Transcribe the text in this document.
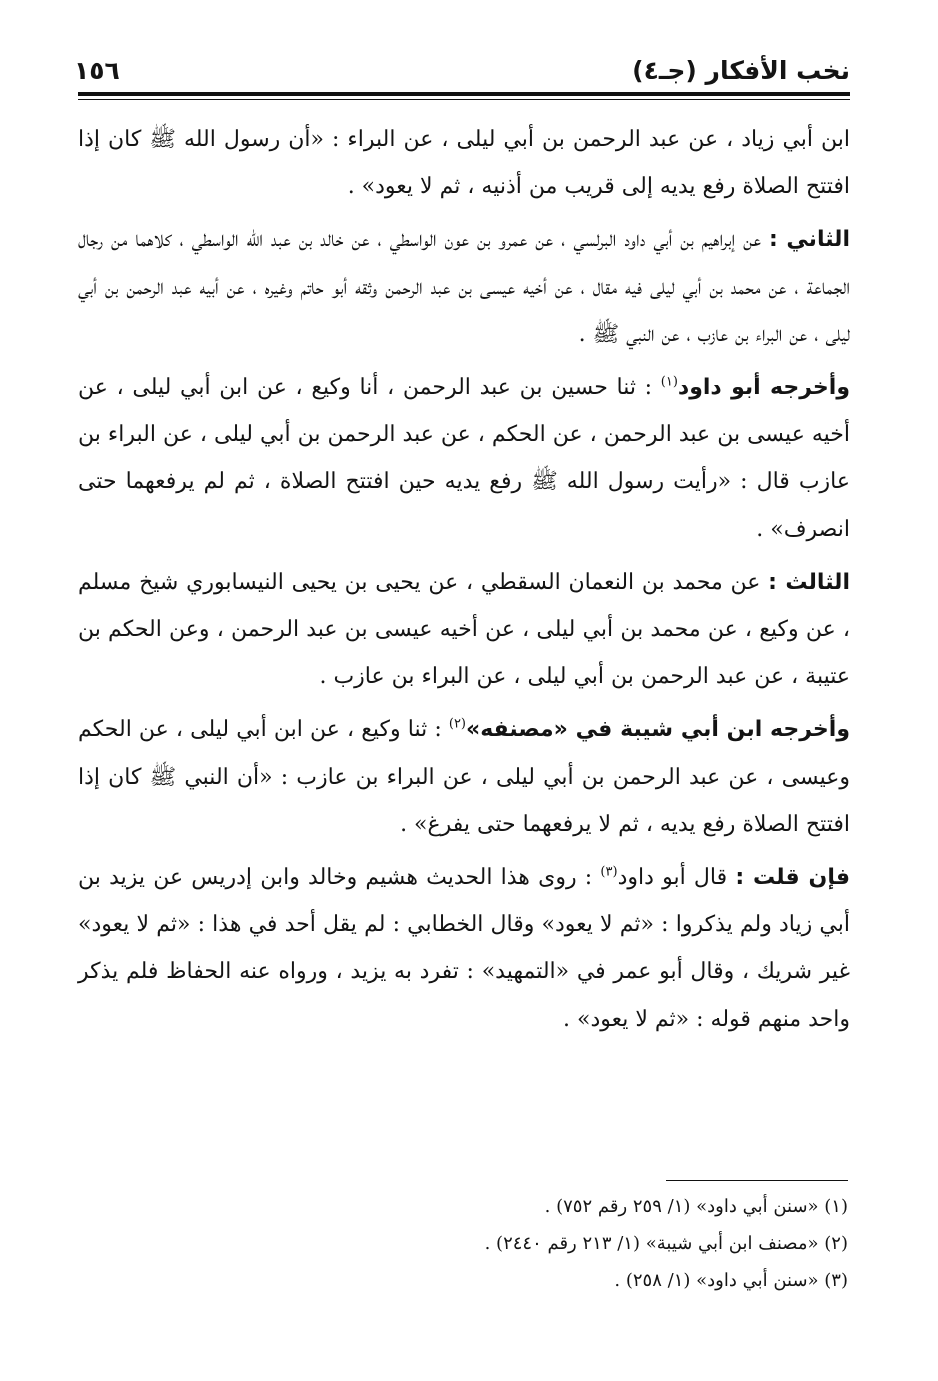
١٥٦	نخب الأفكار (جـ٤)

ابن أبي زياد ، عن عبد الرحمن بن أبي ليلى ، عن البراء : «أن رسول الله ﷺ كان إذا افتتح الصلاة رفع يديه إلى قريب من أذنيه ، ثم لا يعود» .

الثاني : عن إبراهيم بن أبي داود البرلسي ، عن عمرو بن عون الواسطي ، عن خالد بن عبد الله الواسطي ، كلاهما من رجال الجماعة ، عن محمد بن أبي ليلى فيه مقال ، عن أخيه عيسى بن عبد الرحمن وثقه أبو حاتم وغيره ، عن أبيه عبد الرحمن بن أبي ليلى ، عن البراء بن عازب ، عن النبي ﷺ .

وأخرجه أبو داود$^{(١)}$ : ثنا حسين بن عبد الرحمن ، أنا وكيع ، عن ابن أبي ليلى ، عن أخيه عيسى بن عبد الرحمن ، عن الحكم ، عن عبد الرحمن بن أبي ليلى ، عن البراء بن عازب قال : «رأيت رسول الله ﷺ رفع يديه حين افتتح الصلاة ، ثم لم يرفعهما حتى انصرف» .

الثالث : عن محمد بن النعمان السقطي ، عن يحيى بن يحيى النيسابوري شيخ مسلم ، عن وكيع ، عن محمد بن أبي ليلى ، عن أخيه عيسى بن عبد الرحمن ، وعن الحكم بن عتيبة ، عن عبد الرحمن بن أبي ليلى ، عن البراء بن عازب .

وأخرجه ابن أبي شيبة في «مصنفه»$^{(٢)}$ : ثنا وكيع ، عن ابن أبي ليلى ، عن الحكم وعيسى ، عن عبد الرحمن بن أبي ليلى ، عن البراء بن عازب : «أن النبي ﷺ كان إذا افتتح الصلاة رفع يديه ، ثم لا يرفعهما حتى يفرغ» .

فإن قلت : قال أبو داود$^{(٣)}$ : روى هذا الحديث هشيم وخالد وابن إدريس عن يزيد بن أبي زياد ولم يذكروا : «ثم لا يعود» وقال الخطابي : لم يقل أحد في هذا : «ثم لا يعود» غير شريك ، وقال أبو عمر في «التمهيد» : تفرد به يزيد ، ورواه عنه الحفاظ فلم يذكر واحد منهم قوله : «ثم لا يعود» .

(١) «سنن أبي داود» (١/ ٢٥٩ رقم ٧٥٢) .
(٢) «مصنف ابن أبي شيبة» (١/ ٢١٣ رقم ٢٤٤٠) .
(٣) «سنن أبي داود» (١/ ٢٥٨) .
